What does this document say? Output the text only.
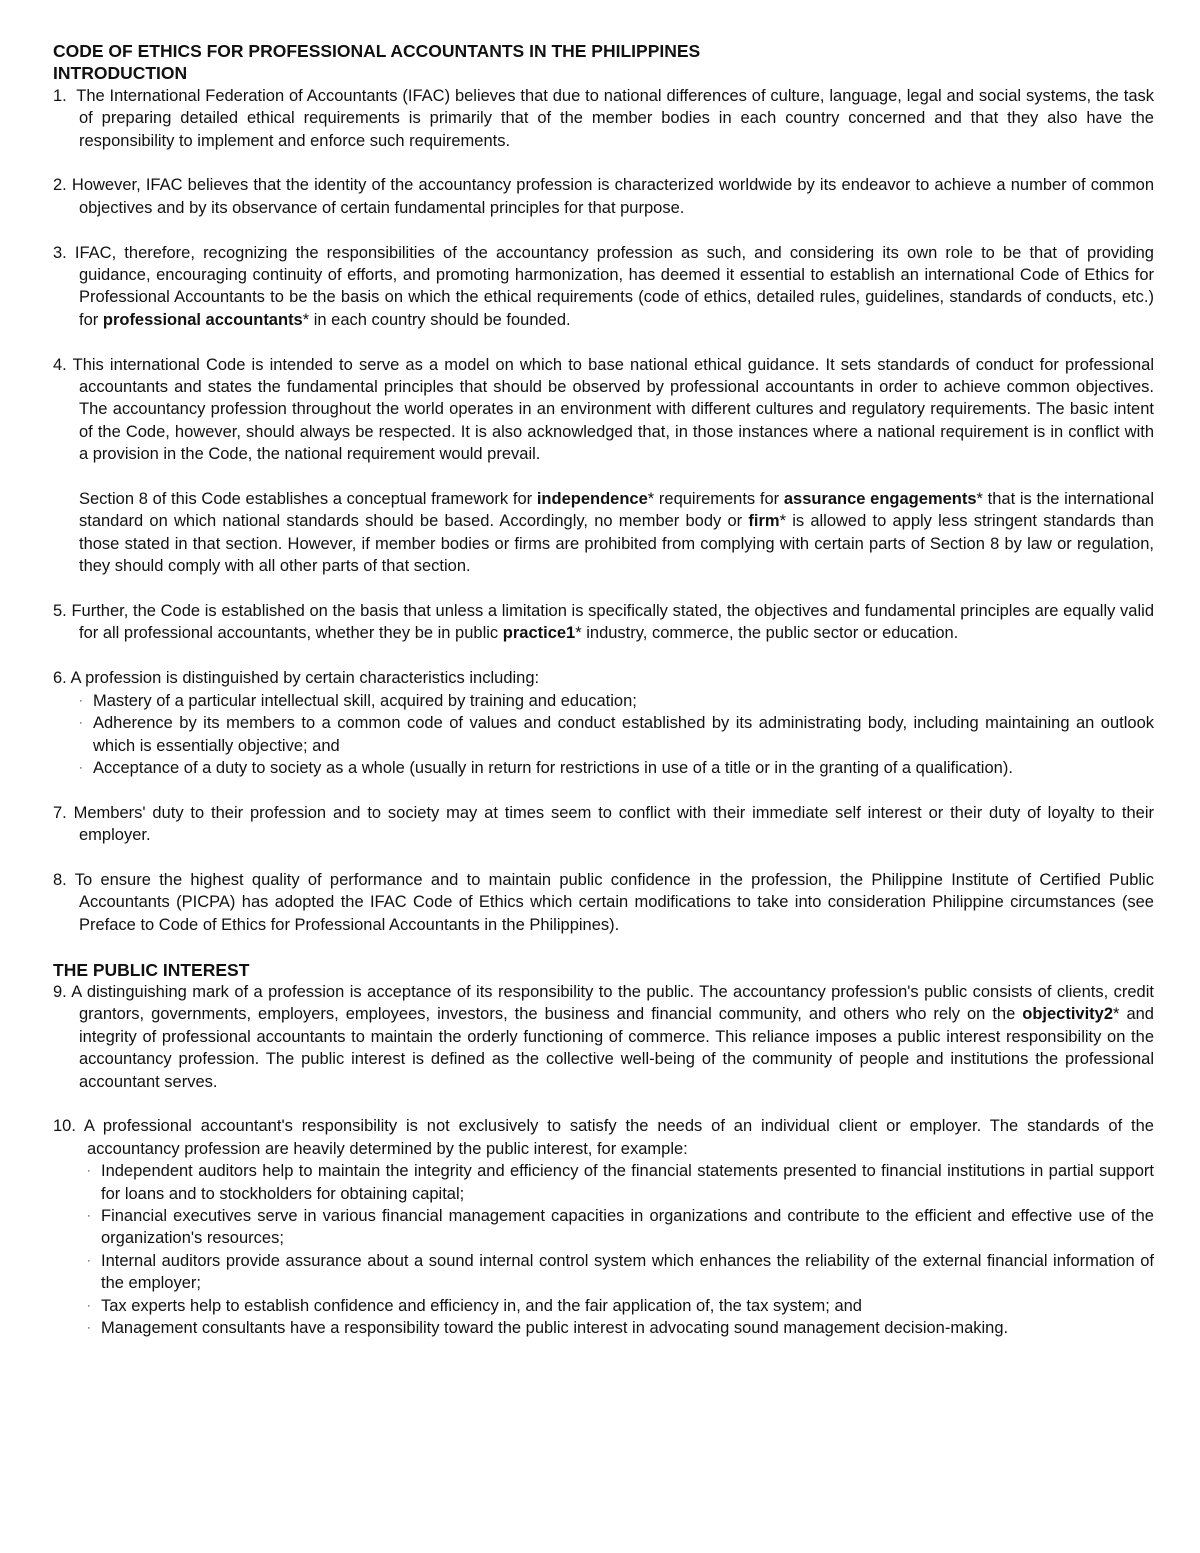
CODE OF ETHICS FOR PROFESSIONAL ACCOUNTANTS IN THE PHILIPPINES
INTRODUCTION
1. The International Federation of Accountants (IFAC) believes that due to national differences of culture, language, legal and social systems, the task of preparing detailed ethical requirements is primarily that of the member bodies in each country concerned and that they also have the responsibility to implement and enforce such requirements.
2. However, IFAC believes that the identity of the accountancy profession is characterized worldwide by its endeavor to achieve a number of common objectives and by its observance of certain fundamental principles for that purpose.
3. IFAC, therefore, recognizing the responsibilities of the accountancy profession as such, and considering its own role to be that of providing guidance, encouraging continuity of efforts, and promoting harmonization, has deemed it essential to establish an international Code of Ethics for Professional Accountants to be the basis on which the ethical requirements (code of ethics, detailed rules, guidelines, standards of conducts, etc.) for professional accountants* in each country should be founded.
4. This international Code is intended to serve as a model on which to base national ethical guidance. It sets standards of conduct for professional accountants and states the fundamental principles that should be observed by professional accountants in order to achieve common objectives. The accountancy profession throughout the world operates in an environment with different cultures and regulatory requirements. The basic intent of the Code, however, should always be respected. It is also acknowledged that, in those instances where a national requirement is in conflict with a provision in the Code, the national requirement would prevail.
Section 8 of this Code establishes a conceptual framework for independence* requirements for assurance engagements* that is the international standard on which national standards should be based. Accordingly, no member body or firm* is allowed to apply less stringent standards than those stated in that section. However, if member bodies or firms are prohibited from complying with certain parts of Section 8 by law or regulation, they should comply with all other parts of that section.
5. Further, the Code is established on the basis that unless a limitation is specifically stated, the objectives and fundamental principles are equally valid for all professional accountants, whether they be in public practice1* industry, commerce, the public sector or education.
6. A profession is distinguished by certain characteristics including:
· Mastery of a particular intellectual skill, acquired by training and education;
· Adherence by its members to a common code of values and conduct established by its administrating body, including maintaining an outlook which is essentially objective; and
· Acceptance of a duty to society as a whole (usually in return for restrictions in use of a title or in the granting of a qualification).
7. Members' duty to their profession and to society may at times seem to conflict with their immediate self interest or their duty of loyalty to their employer.
8. To ensure the highest quality of performance and to maintain public confidence in the profession, the Philippine Institute of Certified Public Accountants (PICPA) has adopted the IFAC Code of Ethics which certain modifications to take into consideration Philippine circumstances (see Preface to Code of Ethics for Professional Accountants in the Philippines).
THE PUBLIC INTEREST
9. A distinguishing mark of a profession is acceptance of its responsibility to the public. The accountancy profession's public consists of clients, credit grantors, governments, employers, employees, investors, the business and financial community, and others who rely on the objectivity2* and integrity of professional accountants to maintain the orderly functioning of commerce. This reliance imposes a public interest responsibility on the accountancy profession. The public interest is defined as the collective well-being of the community of people and institutions the professional accountant serves.
10. A professional accountant's responsibility is not exclusively to satisfy the needs of an individual client or employer. The standards of the accountancy profession are heavily determined by the public interest, for example:
· Independent auditors help to maintain the integrity and efficiency of the financial statements presented to financial institutions in partial support for loans and to stockholders for obtaining capital;
· Financial executives serve in various financial management capacities in organizations and contribute to the efficient and effective use of the organization's resources;
· Internal auditors provide assurance about a sound internal control system which enhances the reliability of the external financial information of the employer;
· Tax experts help to establish confidence and efficiency in, and the fair application of, the tax system; and
· Management consultants have a responsibility toward the public interest in advocating sound management decision-making.
